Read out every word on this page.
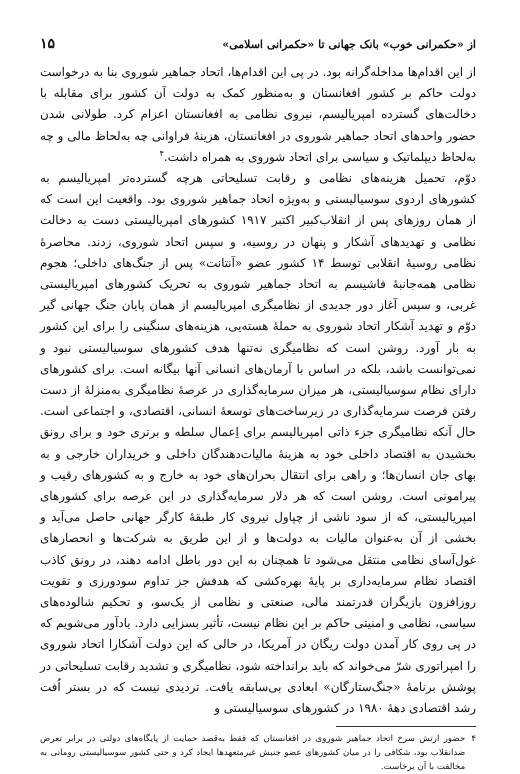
از «حکمرانی خوب» بانک جهانی تا «حکمرانی اسلامی»
۱۵

از این اقدام‌ها مداخله‌گرانه بود. در پی این اقدام‌ها، اتحاد جماهیر شوروی بنا به درخواست دولت حاکم بر کشور افغانستان و به‌منظور کمک به دولت آن کشور برای مقابله با دخالت‌های گسترده امپریالیسم، نیروی نظامی به افغانستان اعزام کرد. طولانی شدن حضور واحدهای اتحاد جماهیر شوروی در افغانستان، هزینهٔ فراوانی چه به‌لحاظ مالی و چه به‌لحاظ دیپلماتیک و سیاسی برای اتحاد شوروی به همراه داشت.$^۴$

دوّم، تحمیل هزینه‌های نظامی و رقابت تسلیحاتی هرچه گسترده‌تر امپریالیسم به کشورهای اردوی سوسیالیستی و به‌ویژه اتحاد جماهیر شوروی بود. واقعیت این است که از همان روزهای پس از انقلاب‌کبیر اکتبر ۱۹۱۷ کشورهای امپریالیستی دست به دخالت نظامی و تهدیدهای آشکار و پنهان در روسیه، و سپس اتحاد شوروی، زدند. محاصرهٔ نظامی روسیهٔ انقلابی توسط ۱۴ کشور عضو «آنتانت» پس از جنگ‌های داخلی؛ هجوم نظامی همه‌جانبهٔ فاشیسم به اتحاد جماهیر شوروی به تحریک کشورهای امپریالیستی غربی، و سپس آغاز دور جدیدی از نظامیگری امپریالیسم از همان پایان جنگ جهانی گیر دوّم و تهدید آشکار اتحاد شوروی به حملهٔ هسته‌یی، هزینه‌های سنگینی را برای این کشور به بار آورد. روشن است که نظامیگری نه‌تنها هدف کشورهای سوسیالیستی نبود و نمی‌توانست باشد، بلکه در اساس با آرمان‌های انسانی آنها بیگانه است. برای کشورهای دارای نظام سوسیالیستی، هر میزان سرمایه‌گذاری در عرصهٔ نظامیگری به‌منزلهٔ از دست رفتن فرصت سرمایه‌گذاری در زیرساخت‌های توسعهٔ انسانی، اقتصادی، و اجتماعی است. حال آنکه نظامیگری جزء ذاتی امپریالیسم برای اِعمال سلطه و برتری خود و برای رونق بخشیدن به اقتصاد داخلی خود به هزینهٔ مالیات‌دهندگان داخلی و خریداران خارجی و به بهای جان انسان‌ها؛ و راهی برای انتقال بحران‌های خود به خارج و به کشورهای رقیب و پیرامونی است. روشن است که هر دلار سرمایه‌گذاری در این عرصه برای کشورهای امپریالیستی، که از سود ناشی از چپاول نیروی کار طبقهٔ کارگر جهانی حاصل می‌آید و بخشی از آن به‌عنوان مالیات به دولت‌ها و از این طریق به شرکت‌ها و انحصارهای غول‌آسای نظامی منتقل می‌شود تا همچنان به این دور باطل ادامه دهند، در رونق کاذب اقتصاد نظام سرمایه‌داری بر پایهٔ بهره‌کشی که هدفش جز تداوم سودورزی و تقویت روزافزون بازیگران قدرتمند مالی، صنعتی و نظامی از یک‌سو، و تحکیم شالوده‌های سیاسی، نظامی و امنیتی حاکم بر این نظام نیست، تأثیر بسزایی دارد. یادآور می‌شویم که در پی روی کار آمدن دولت ریگان در آمریکا، در حالی که این دولت آشکارا اتحاد شوروی را امپراتوری شرّ می‌خواند که باید برانداخته شود، نظامیگری و تشدید رقابت تسلیحاتی در پوشش برنامهٔ «جنگ‌ستارگان» ابعادی بی‌سابقه یافت. تردیدی نیست که در بستر اُفت رشد اقتصادی دههٔ ۱۹۸۰ در کشورهای سوسیالیستی و

۴
حضور ارتش سرخ اتحاد جماهیر شوروی در افغانستان که فقط به‌قصد حمایت از پایگاه‌های دولتی در برابر تعرض ضدانقلاب بود، شکافی را در میان کشورهای عضو جنبش غیرمتعهدها ایجاد کرد و حتی کشور سوسیالیستی رومانی به مخالفت با آن برخاست.
